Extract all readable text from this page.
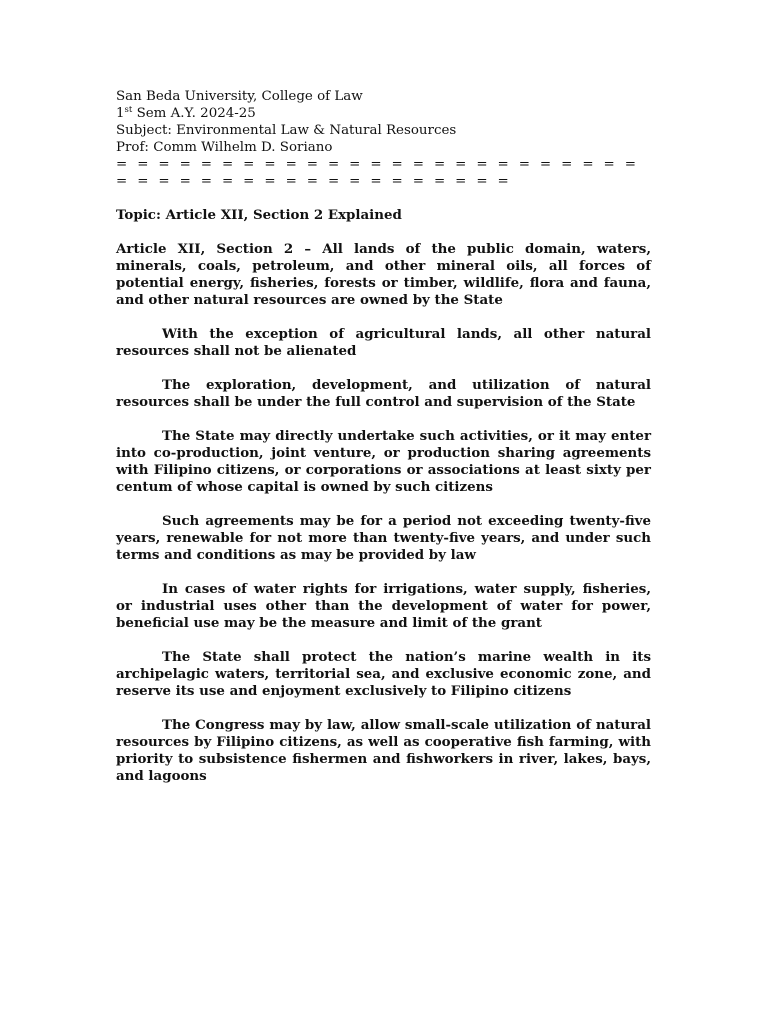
San Beda University, College of Law

1st Sem A.Y. 2024-25

Subject: Environmental Law & Natural Resources

Prof: Comm Wilhelm D. Soriano

= = = = = = = = = = = = = = = = = = = = = = = = = = = = = = = = = = = = = = = = = = = =

Topic: Article XII, Section 2 Explained

Article XII, Section 2 – All lands of the public domain, waters, minerals, coals, petroleum, and other mineral oils, all forces of potential energy, fisheries, forests or timber, wildlife, flora and fauna, and other natural resources are owned by the State

With the exception of agricultural lands, all other natural resources shall not be alienated

The exploration, development, and utilization of natural resources shall be under the full control and supervision of the State

The State may directly undertake such activities, or it may enter into co-production, joint venture, or production sharing agreements with Filipino citizens, or corporations or associations at least sixty per centum of whose capital is owned by such citizens

Such agreements may be for a period not exceeding twenty-five years, renewable for not more than twenty-five years, and under such terms and conditions as may be provided by law

In cases of water rights for irrigations, water supply, fisheries, or industrial uses other than the development of water for power, beneficial use may be the measure and limit of the grant

The State shall protect the nation’s marine wealth in its archipelagic waters, territorial sea, and exclusive economic zone, and reserve its use and enjoyment exclusively to Filipino citizens

The Congress may by law, allow small-scale utilization of natural resources by Filipino citizens, as well as cooperative fish farming, with priority to subsistence fishermen and fishworkers in river, lakes, bays, and lagoons
